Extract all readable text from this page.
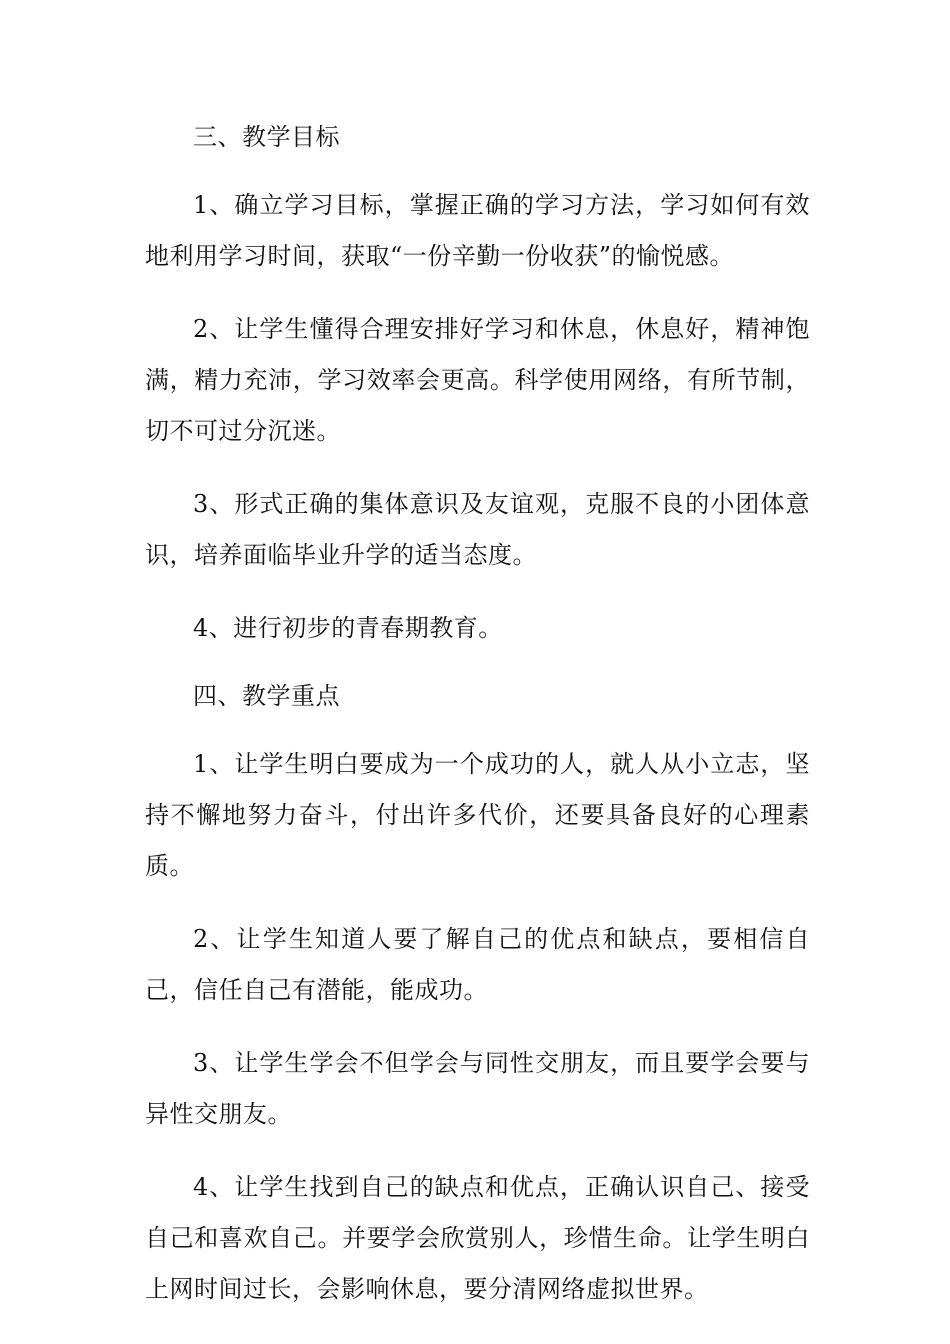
三、教学目标

1、确立学习目标，掌握正确的学习方法，学习如何有效地利用学习时间，获取“一份辛勤一份收获”的愉悦感。

2、让学生懂得合理安排好学习和休息，休息好，精神饱满，精力充沛，学习效率会更高。科学使用网络，有所节制，切不可过分沉迷。

3、形式正确的集体意识及友谊观，克服不良的小团体意识，培养面临毕业升学的适当态度。

4、进行初步的青春期教育。

四、教学重点

1、让学生明白要成为一个成功的人，就人从小立志，坚持不懈地努力奋斗，付出许多代价，还要具备良好的心理素质。

2、让学生知道人要了解自己的优点和缺点，要相信自己，信任自己有潜能，能成功。

3、让学生学会不但学会与同性交朋友，而且要学会要与异性交朋友。

4、让学生找到自己的缺点和优点，正确认识自己、接受自己和喜欢自己。并要学会欣赏别人，珍惜生命。让学生明白上网时间过长，会影响休息，要分清网络虚拟世界。
